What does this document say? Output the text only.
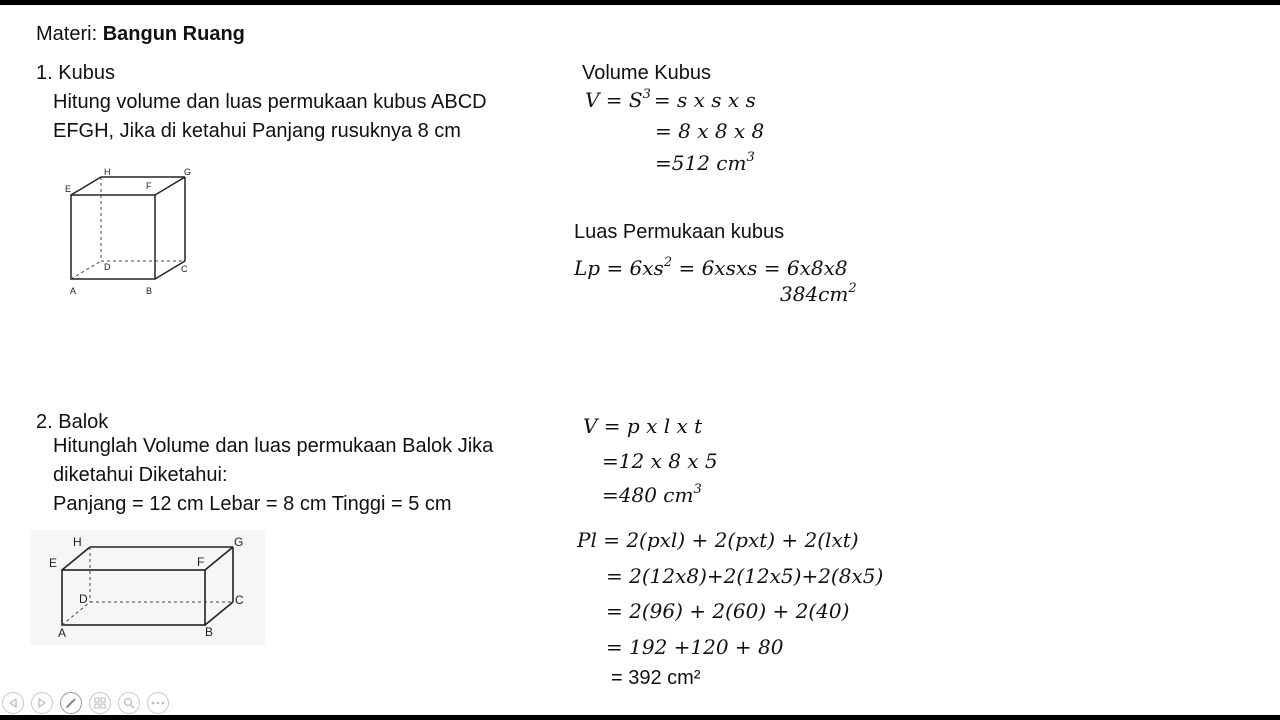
Materi: Bangun Ruang
1. Kubus
Hitung volume dan luas permukaan kubus ABCD
EFGH, Jika di ketahui Panjang rusuknya 8 cm
E
H
F
G
D	C
A	B
Volume Kubus
$V = S^3 = s$ x s x s
= 8 x 8 x 8
=512 $cm^3$
Luas Permukaan kubus
$Lp = 6xs^2$ = 6xsxs = 6x8x8
$384cm^2$
2. Balok
Hitunglah Volume dan luas permukaan Balok Jika
diketahui Diketahui:
Panjang = 12 cm Lebar = 8 cm Tinggi = 5 cm
E
H
F
G
D	C
A	B
V = p x l x t
=12 x 8 x 5
=480 $cm^3$
Pl = 2(pxl) + 2(pxt) + 2(lxt)
= 2(12x8)+2(12x5)+2(8x5)
= 2(96) + 2(60) + 2(40)
= 192 +120 + 80
= 392 cm²
